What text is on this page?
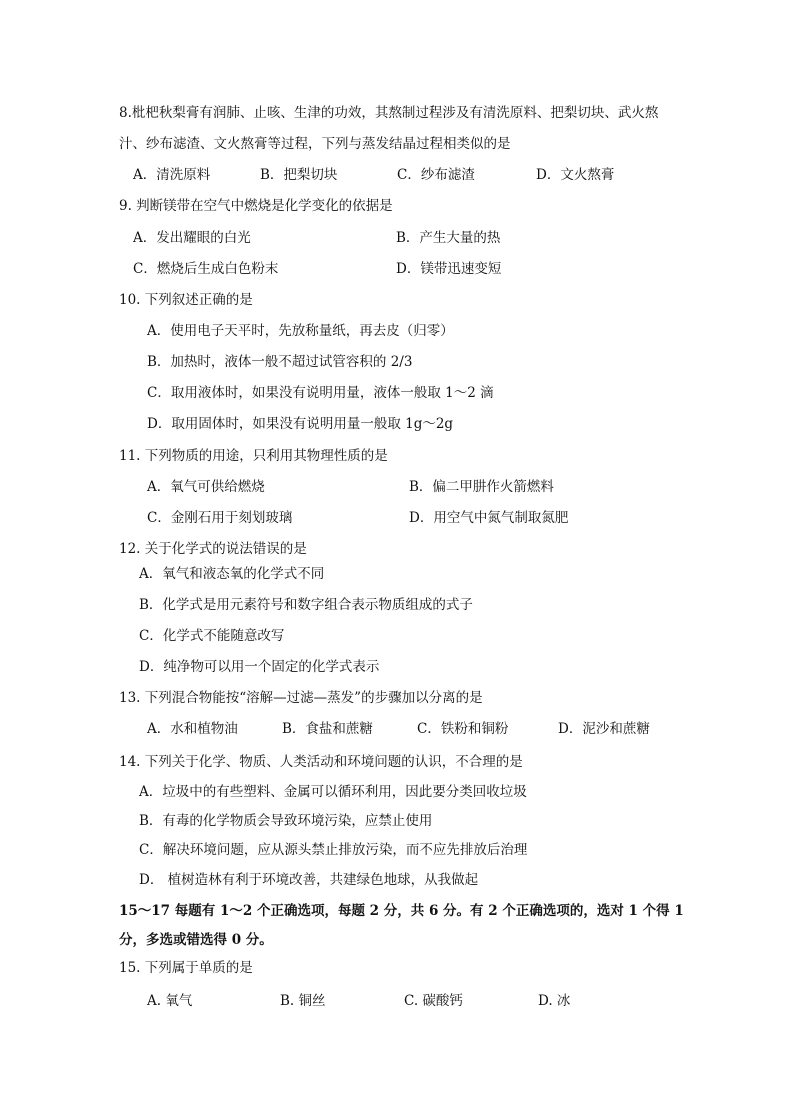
8.枇杷秋梨膏有润肺、止咳、生津的功效，其熬制过程涉及有清洗原料、把梨切块、武火熬
汁、纱布滤渣、文火熬膏等过程，下列与蒸发结晶过程相类似的是
A．清洗原料	B．把梨切块	C．纱布滤渣	D．文火熬膏
9. 判断镁带在空气中燃烧是化学变化的依据是
A．发出耀眼的白光	B．产生大量的热
C．燃烧后生成白色粉末	D．镁带迅速变短
10. 下列叙述正确的是
A．使用电子天平时，先放称量纸，再去皮（归零）
B．加热时，液体一般不超过试管容积的 2/3
C．取用液体时，如果没有说明用量，液体一般取 1～2 滴
D．取用固体时，如果没有说明用量一般取 1g～2g
11. 下列物质的用途，只利用其物理性质的是
A．氧气可供给燃烧	B．偏二甲肼作火箭燃料
C．金刚石用于刻划玻璃	D．用空气中氮气制取氮肥
12. 关于化学式的说法错误的是
A．氧气和液态氧的化学式不同
B．化学式是用元素符号和数字组合表示物质组成的式子
C．化学式不能随意改写
D．纯净物可以用一个固定的化学式表示
13. 下列混合物能按“溶解—过滤—蒸发”的步骤加以分离的是
A．水和植物油	B．食盐和蔗糖	C．铁粉和铜粉	D．泥沙和蔗糖
14. 下列关于化学、物质、人类活动和环境问题的认识，不合理的是
A．垃圾中的有些塑料、金属可以循环利用，因此要分类回收垃圾
B．有毒的化学物质会导致环境污染，应禁止使用
C．解决环境问题，应从源头禁止排放污染，而不应先排放后治理
D． 植树造林有利于环境改善，共建绿色地球，从我做起
15～17 每题有 1～2 个正确选项，每题 2 分，共 6 分。有 2 个正确选项的，选对 1 个得 1
分，多选或错选得 0 分。
15. 下列属于单质的是
A. 氧气	B. 铜丝	C. 碳酸钙	D. 冰
